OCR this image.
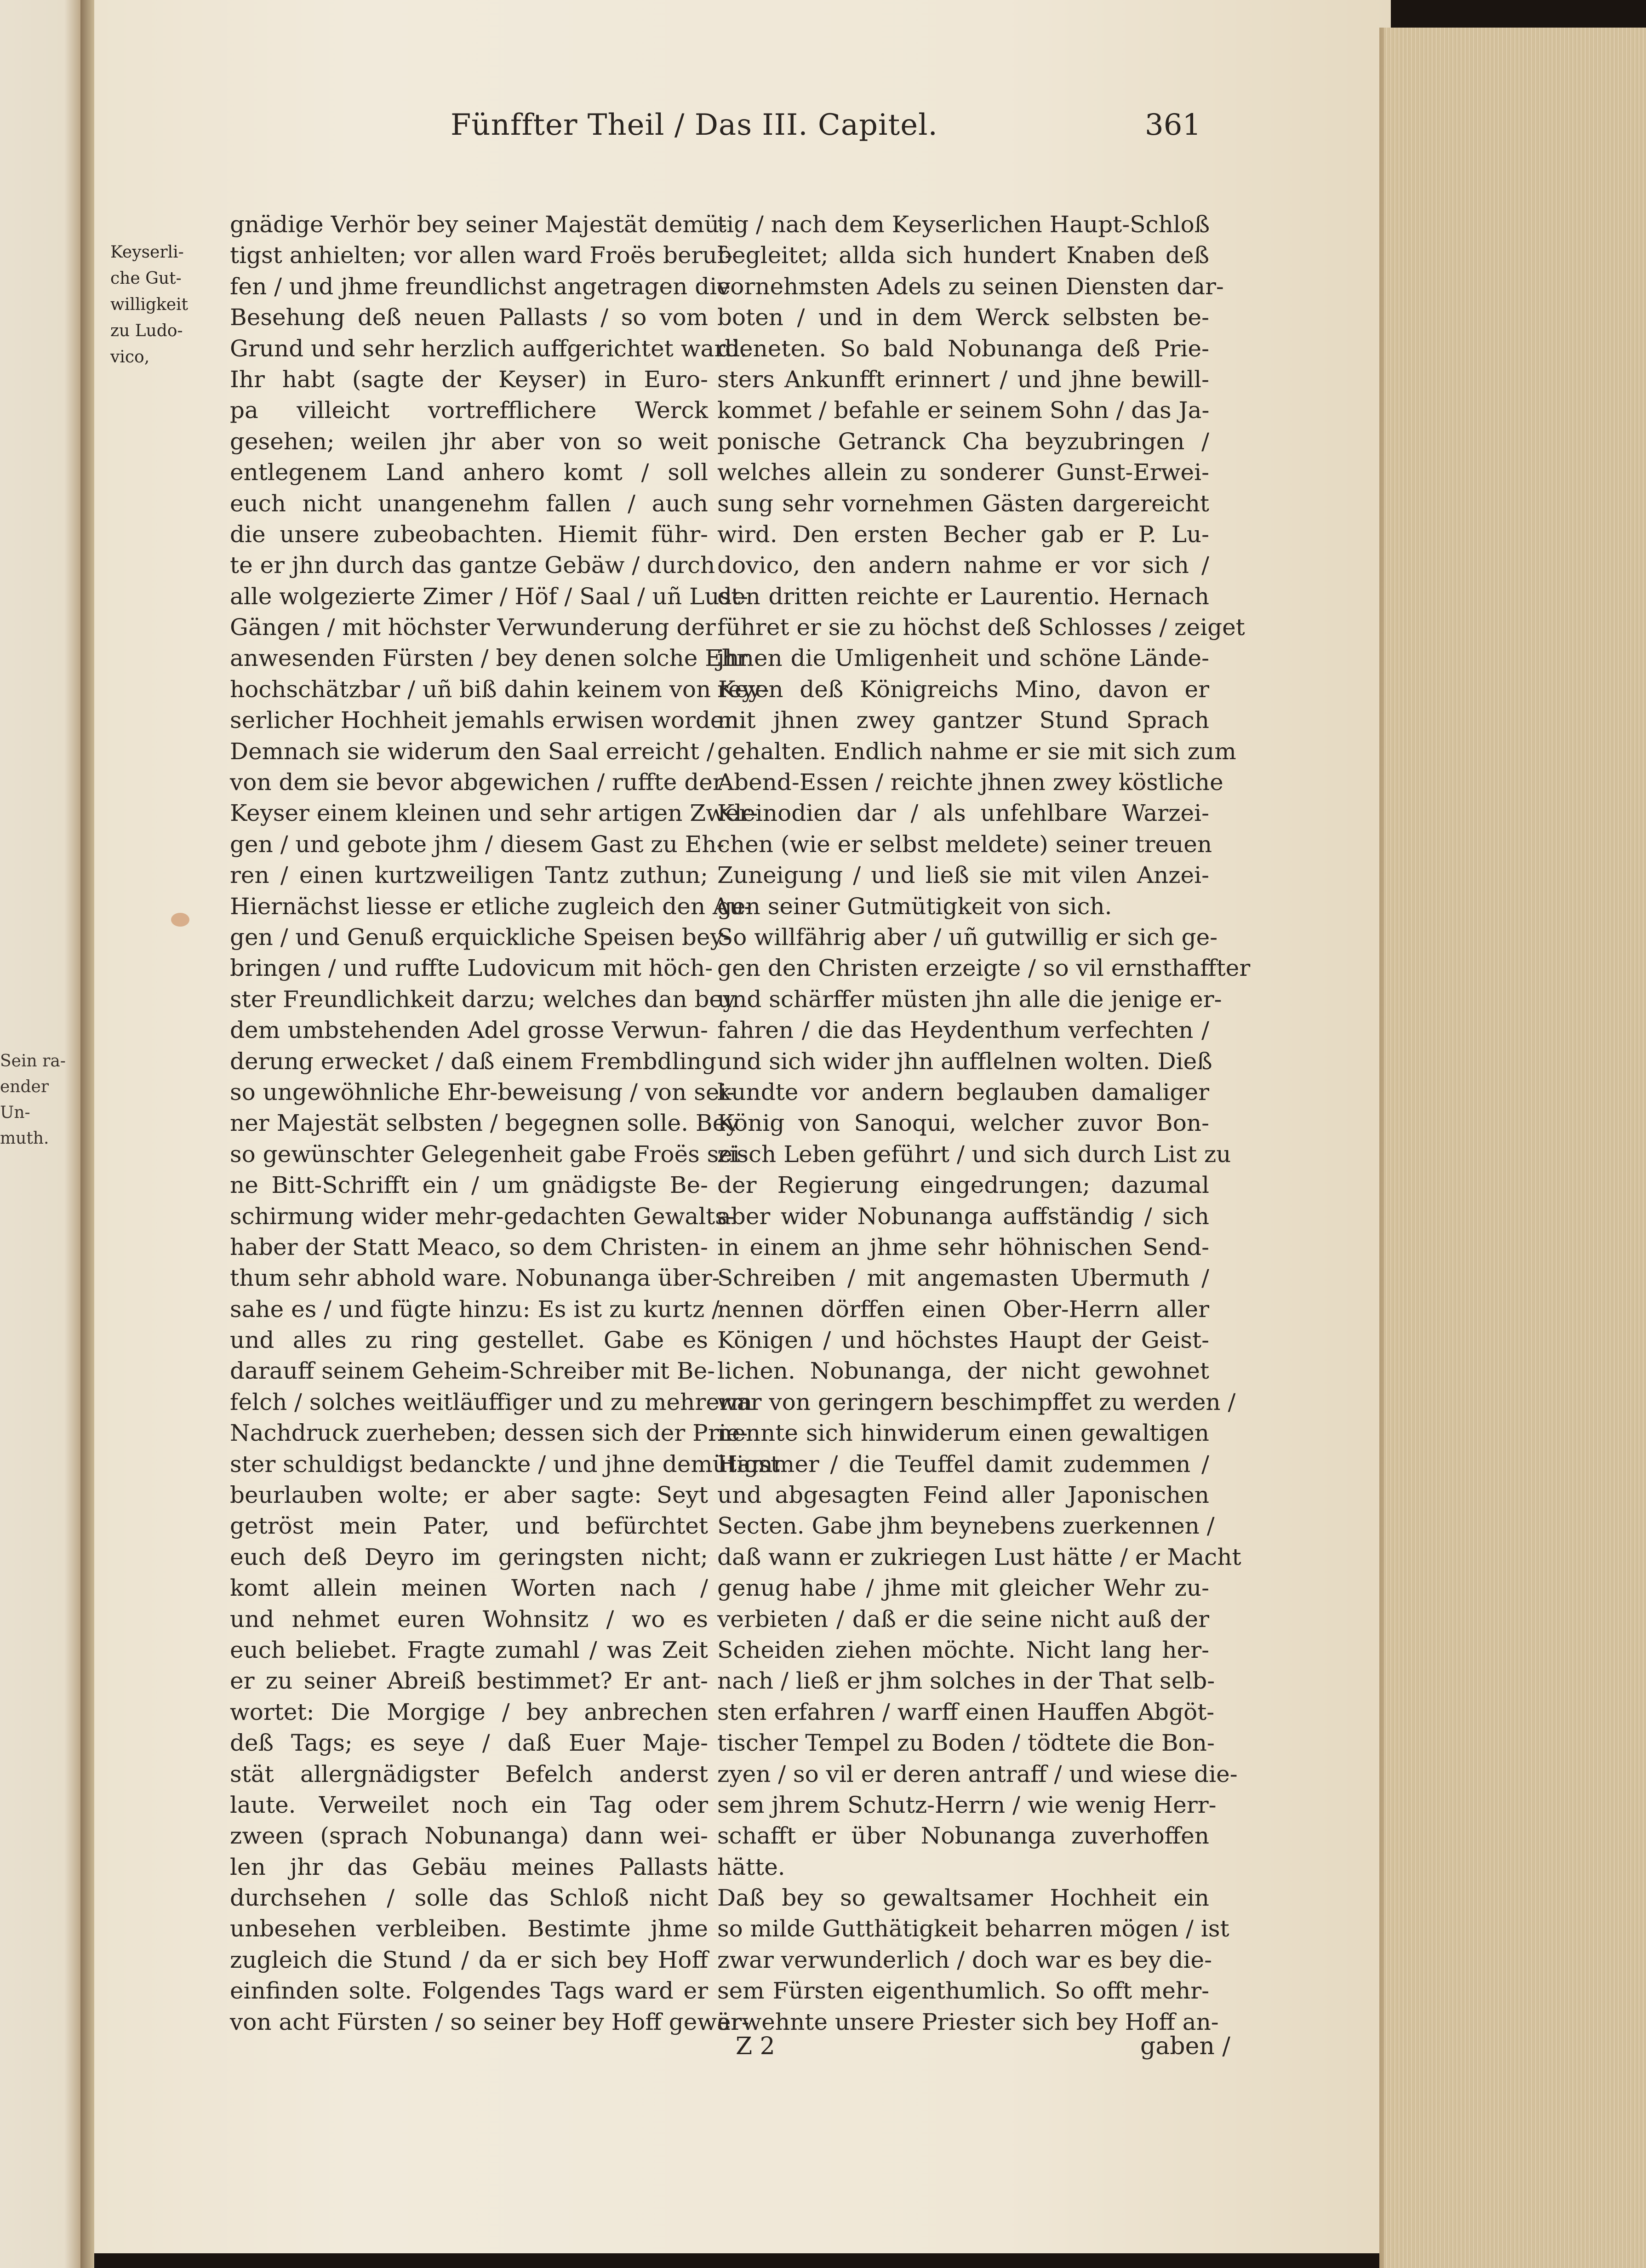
Sein ra-
ender Un-
muth.
Fünffter Theil / Das III. Capitel.	361
Keyserli-
che Gut-
willigkeit
zu Ludo-
vico,
gnädige Verhör bey seiner Majestät demü-
tigst anhielten; vor allen ward Froës beruf-
fen / und jhme freundlichst angetragen die
Besehung deß neuen Pallasts / so vom
Grund und sehr herzlich auffgerichtet ward.
Ihr habt (sagte der Keyser) in Euro-
pa villeicht vortrefflichere Werck
gesehen; weilen jhr aber von so weit
entlegenem Land anhero komt / soll
euch nicht unangenehm fallen / auch
die unsere zubeobachten. Hiemit führ-
te er jhn durch das gantze Gebäw / durch
alle wolgezierte Zimer / Höf / Saal / uñ Lust-
Gängen / mit höchster Verwunderung der
anwesenden Fürsten / bey denen solche Ehr
hochschätzbar / uñ biß dahin keinem von Key-
serlicher Hochheit jemahls erwisen worden.
Demnach sie widerum den Saal erreicht /
von dem sie bevor abgewichen / ruffte der
Keyser einem kleinen und sehr artigen Zwer-
gen / und gebote jhm / diesem Gast zu Eh-
ren / einen kurtzweiligen Tantz zuthun;
Hiernächst liesse er etliche zugleich den Au-
gen / und Genuß erquickliche Speisen bey-
bringen / und ruffte Ludovicum mit höch-
ster Freundlichkeit darzu; welches dan bey
dem umbstehenden Adel grosse Verwun-
derung erwecket / daß einem Frembdling
so ungewöhnliche Ehr-beweisung / von sei-
ner Majestät selbsten / begegnen solle. Bey
so gewünschter Gelegenheit gabe Froës sei-
ne Bitt-Schrifft ein / um gnädigste Be-
schirmung wider mehr-gedachten Gewalts-
haber der Statt Meaco, so dem Christen-
thum sehr abhold ware. Nobunanga über-
sahe es / und fügte hinzu: Es ist zu kurtz /
und alles zu ring gestellet. Gabe es
darauff seinem Geheim-Schreiber mit Be-
felch / solches weitläuffiger und zu mehrerm
Nachdruck zuerheben; dessen sich der Prie-
ster schuldigst bedanckte / und jhne demütigst
beurlauben wolte; er aber sagte: Seyt
getröst mein Pater, und befürchtet
euch deß Deyro im geringsten nicht;
komt allein meinen Worten nach /
und nehmet euren Wohnsitz / wo es
euch beliebet. Fragte zumahl / was Zeit
er zu seiner Abreiß bestimmet? Er ant-
wortet: Die Morgige / bey anbrechen
deß Tags; es seye / daß Euer Maje-
stät allergnädigster Befelch anderst
laute. Verweilet noch ein Tag oder
zween (sprach Nobunanga) dann wei-
len jhr das Gebäu meines Pallasts
durchsehen / solle das Schloß nicht
unbesehen verbleiben. Bestimte jhme
zugleich die Stund / da er sich bey Hoff
einfinden solte. Folgendes Tags ward er
von acht Fürsten / so seiner bey Hoff gewär-
tig / nach dem Keyserlichen Haupt-Schloß
begleitet; allda sich hundert Knaben deß
vornehmsten Adels zu seinen Diensten dar-
boten / und in dem Werck selbsten be-
dieneten. So bald Nobunanga deß Prie-
sters Ankunfft erinnert / und jhne bewill-
kommet / befahle er seinem Sohn / das Ja-
ponische Getranck Cha beyzubringen /
welches allein zu sonderer Gunst-Erwei-
sung sehr vornehmen Gästen dargereicht
wird. Den ersten Becher gab er P. Lu-
dovico, den andern nahme er vor sich /
den dritten reichte er Laurentio. Hernach
führet er sie zu höchst deß Schlosses / zeiget
jhnen die Umligenheit und schöne Lände-
reyen deß Königreichs Mino, davon er
mit jhnen zwey gantzer Stund Sprach
gehalten. Endlich nahme er sie mit sich zum
Abend-Essen / reichte jhnen zwey köstliche
Kleinodien dar / als unfehlbare Warzei-
chen (wie er selbst meldete) seiner treuen
Zuneigung / und ließ sie mit vilen Anzei-
gen seiner Gutmütigkeit von sich.
So willfährig aber / uñ gutwillig er sich ge-
gen den Christen erzeigte / so vil ernsthaffter
und schärffer müsten jhn alle die jenige er-
fahren / die das Heydenthum verfechten /
und sich wider jhn aufflelnen wolten. Dieß
kundte vor andern beglauben damaliger
König von Sanoqui, welcher zuvor Bon-
zisch Leben geführt / und sich durch List zu
der Regierung eingedrungen; dazumal
aber wider Nobunanga auffständig / sich
in einem an jhme sehr höhnischen Send-
Schreiben / mit angemasten Ubermuth /
nennen dörffen einen Ober-Herrn aller
Königen / und höchstes Haupt der Geist-
lichen. Nobunanga, der nicht gewohnet
war von geringern beschimpffet zu werden /
nennte sich hinwiderum einen gewaltigen
Hammer / die Teuffel damit zudemmen /
und abgesagten Feind aller Japonischen
Secten. Gabe jhm beynebens zuerkennen /
daß wann er zukriegen Lust hätte / er Macht
genug habe / jhme mit gleicher Wehr zu-
verbieten / daß er die seine nicht auß der
Scheiden ziehen möchte. Nicht lang her-
nach / ließ er jhm solches in der That selb-
sten erfahren / warff einen Hauffen Abgöt-
tischer Tempel zu Boden / tödtete die Bon-
zyen / so vil er deren antraff / und wiese die-
sem jhrem Schutz-Herrn / wie wenig Herr-
schafft er über Nobunanga zuverhoffen
hätte.
Daß bey so gewaltsamer Hochheit ein
so milde Gutthätigkeit beharren mögen / ist
zwar verwunderlich / doch war es bey die-
sem Fürsten eigenthumlich. So offt mehr-
erwehnte unsere Priester sich bey Hoff an-
Z 2	gaben /
